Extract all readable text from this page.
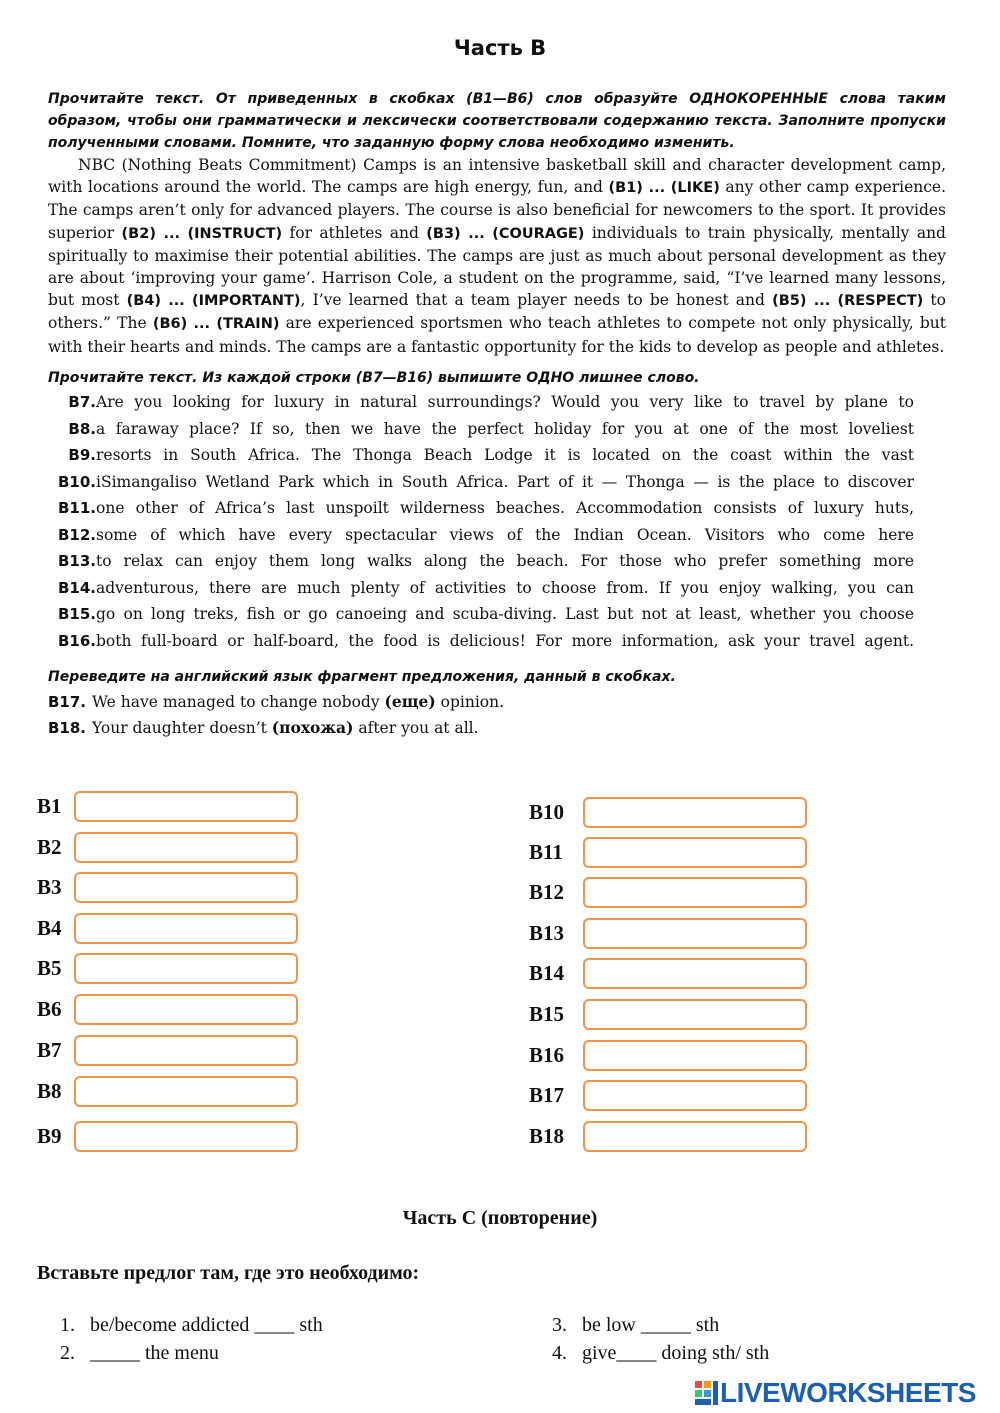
Часть B
Прочитайте текст. От приведенных в скобках (B1—B6) слов образуйте ОДНОКОРЕННЫЕ слова таким образом, чтобы они грамматически и лексически соответствовали содержанию текста. Заполните пропуски полученными словами. Помните, что заданную форму слова необходимо изменить.
NBC (Nothing Beats Commitment) Camps is an intensive basketball skill and character development camp, with locations around the world. The camps are high energy, fun, and (B1) ... (LIKE) any other camp experience. The camps aren’t only for advanced players. The course is also beneficial for newcomers to the sport. It provides superior (B2) ... (INSTRUCT) for athletes and (B3) ... (COURAGE) individuals to train physically, mentally and spiritually to maximise their potential abilities. The camps are just as much about personal development as they are about ‘improving your game’. Harrison Cole, a student on the programme, said, “I’ve learned many lessons, but most (B4) ... (IMPORTANT), I’ve learned that a team player needs to be honest and (B5) ... (RESPECT) to others.” The (B6) ... (TRAIN) are experienced sportsmen who teach athletes to compete not only physically, but with their hearts and minds. The camps are a fantastic opportunity for the kids to develop as people and athletes.
Прочитайте текст. Из каждой строки (B7—B16) выпишите ОДНО лишнее слово.
B7. Are you looking for luxury in natural surroundings? Would you very like to travel by plane to
B8. a faraway place? If so, then we have the perfect holiday for you at one of the most loveliest
B9. resorts in South Africa. The Thonga Beach Lodge it is located on the coast within the vast
B10. iSimangaliso Wetland Park which in South Africa. Part of it — Thonga — is the place to discover
B11. one other of Africa’s last unspoilt wilderness beaches. Accommodation consists of luxury huts,
B12. some of which have every spectacular views of the Indian Ocean. Visitors who come here
B13. to relax can enjoy them long walks along the beach. For those who prefer something more
B14. adventurous, there are much plenty of activities to choose from. If you enjoy walking, you can
B15. go on long treks, fish or go canoeing and scuba-diving. Last but not at least, whether you choose
B16. both full-board or half-board, the food is delicious! For more information, ask your travel agent.
Переведите на английский язык фрагмент предложения, данный в скобках.
B17. We have managed to change nobody (еще) opinion.
B18. Your daughter doesn’t (похожа) after you at all.
B1
B2
B3
B4
B5
B6
B7
B8
B9
B10
B11
B12
B13
B14
B15
B16
B17
B18
Часть С (повторение)
Вставьте предлог там, где это необходимо:
1. be/become addicted ____ sth
2. _____ the menu
3. be low _____ sth
4. give____ doing sth/ sth
LIVEWORKSHEETS
